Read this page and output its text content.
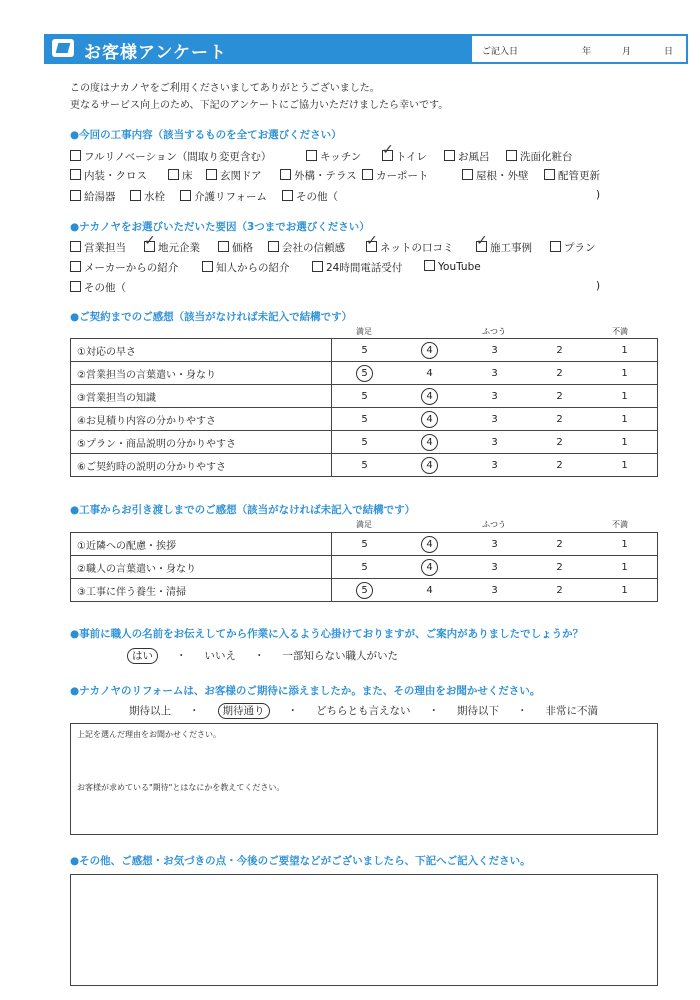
お客様アンケート	ご記入日	年	月	日
この度はナカノヤをご利用くださいましてありがとうございました。
更なるサービス向上のため、下記のアンケートにご協力いただけましたら幸いです。
●今回の工事内容（該当するものを全てお選びください）
フルリノベーション（間取り変更含む）	キッチン ✓	トイレ	お風呂	洗面化粧台
内装・クロス	床	玄関ドア	外構・テラス	カーポート	屋根・外壁	配管更新
給湯器	水栓	介護リフォーム	その他（	)
●ナカノヤをお選びいただいた要因（3つまでお選びください）
営業担当 ✓	地元企業	価格	会社の信頼感 ✓	ネットの口コミ ✓	施工事例	プラン
メーカーからの紹介	知人からの紹介	24時間電話受付	YouTube
その他（	)
●ご契約までのご感想（該当がなければ未記入で結構です）
満足	ふつう	不満
①対応の早さ	5	4	3	2	1
②営業担当の言葉遣い・身なり	5	4	3	2	1
③営業担当の知識	5	4	3	2	1
④お見積り内容の分かりやすさ	5	4	3	2	1
⑤プラン・商品説明の分かりやすさ	5	4	3	2	1
⑥ご契約時の説明の分かりやすさ	5	4	3	2	1
●工事からお引き渡しまでのご感想（該当がなければ未記入で結構です）
満足	ふつう	不満
①近隣への配慮・挨拶	5	4	3	2	1
②職人の言葉遣い・身なり	5	4	3	2	1
③工事に伴う養生・清掃	5	4	3	2	1
●事前に職人の名前をお伝えしてから作業に入るよう心掛けておりますが、ご案内がありましたでしょうか？
はい ・ いいえ ・ 一部知らない職人がいた
●ナカノヤのリフォームは、お客様のご期待に添えましたか。また、その理由をお聞かせください。
期待以上 ・ 期待通り ・ どちらとも言えない ・ 期待以下 ・ 非常に不満
上記を選んだ理由をお聞かせください。
お客様が求めている"期待"とはなにかを教えてください。
●その他、ご感想・お気づきの点・今後のご要望などがございましたら、下記へご記入ください。
